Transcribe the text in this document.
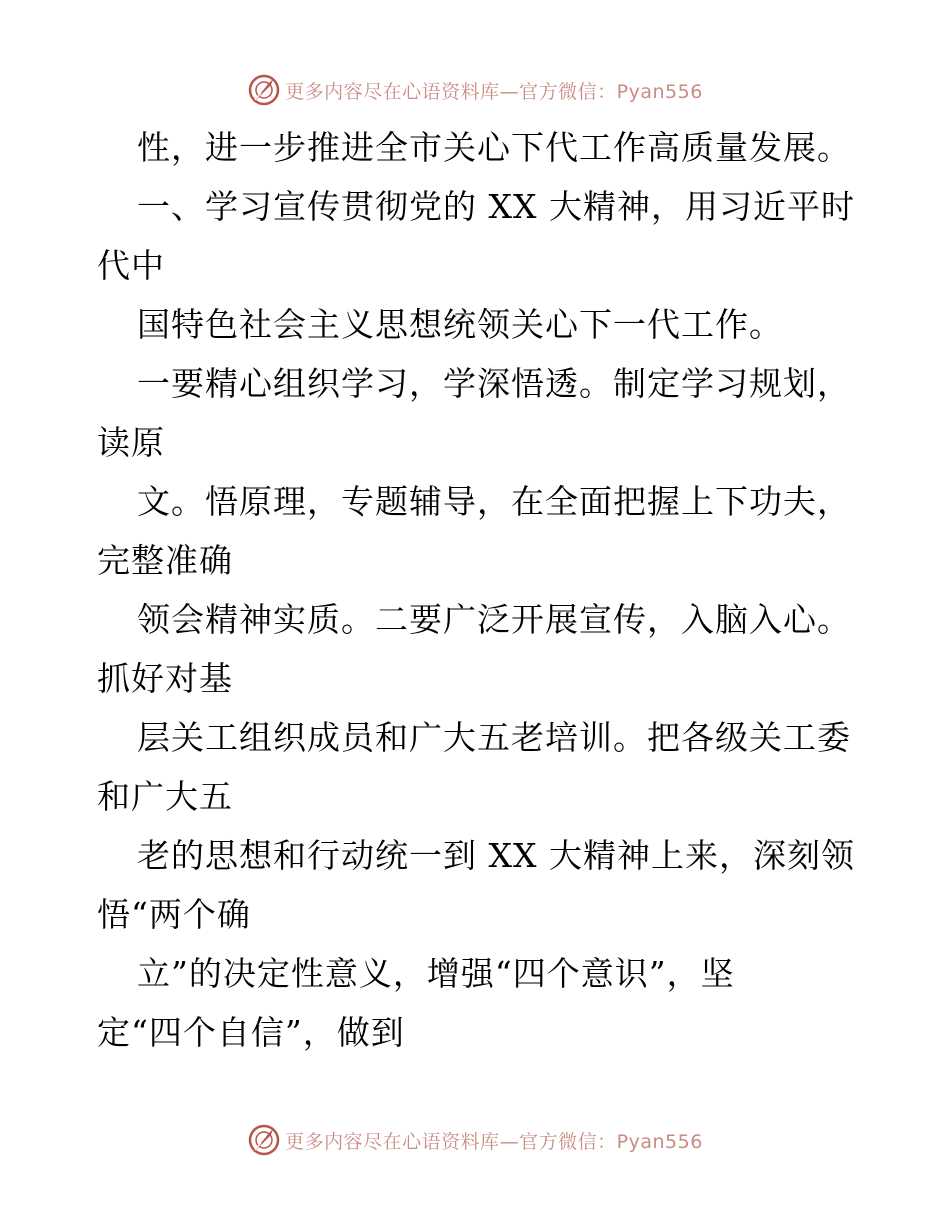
更多内容尽在心语资料库—官方微信：Pyan556
性，进一步推进全市关心下代工作高质量发展。
一、学习宣传贯彻党的 XX 大精神，用习近平时
代中
国特色社会主义思想统领关心下一代工作。
一要精心组织学习，学深悟透。制定学习规划，
读原
文。悟原理，专题辅导，在全面把握上下功夫，
完整准确
领会精神实质。二要广泛开展宣传，入脑入心。
抓好对基
层关工组织成员和广大五老培训。把各级关工委
和广大五
老的思想和行动统一到 XX 大精神上来，深刻领
悟“两个确
立”的决定性意义，增强“四个意识”，坚
定“四个自信”，做到
更多内容尽在心语资料库—官方微信：Pyan556
